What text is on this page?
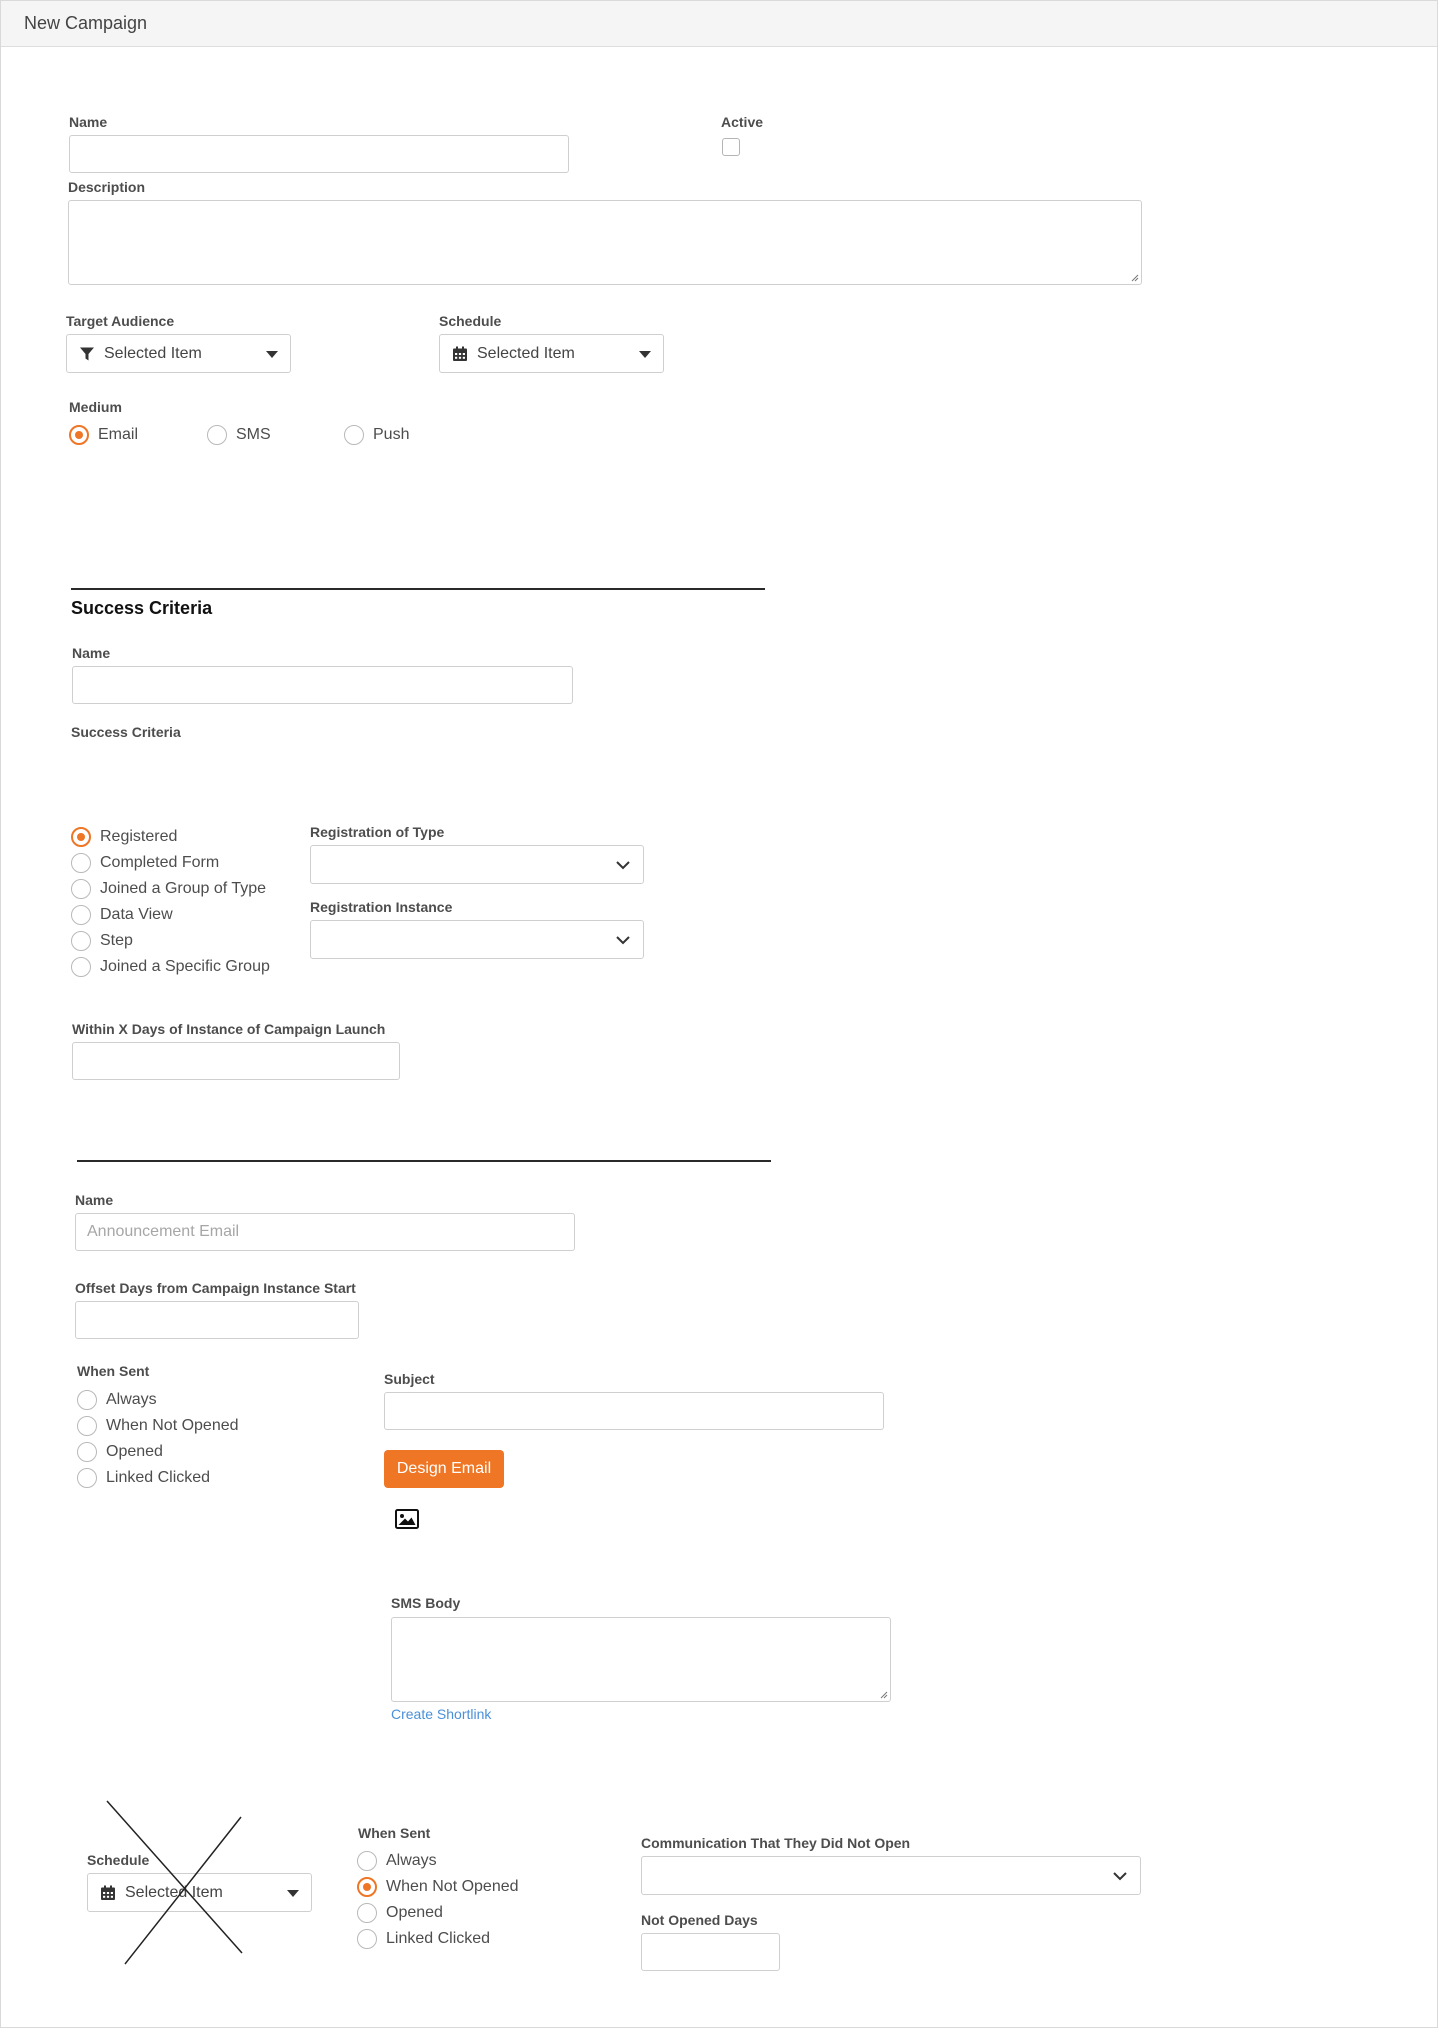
New Campaign
Name	Active
Description
Target Audience
Selected Item
Schedule
Selected Item
Medium
Email	SMS	Push
Success Criteria
Name
Success Criteria
Registered
Completed Form
Joined a Group of Type
Data View
Step
Joined a Specific Group
Registration of Type
Registration Instance
Within X Days of Instance of Campaign Launch
Name
Announcement Email
Offset Days from Campaign Instance Start
When Sent
Always
When Not Opened
Opened
Linked Clicked
Subject
Design Email
SMS Body
Create Shortlink
Schedule
Selected Item
When Sent
Always
When Not Opened
Opened
Linked Clicked
Communication That They Did Not Open
Not Opened Days
